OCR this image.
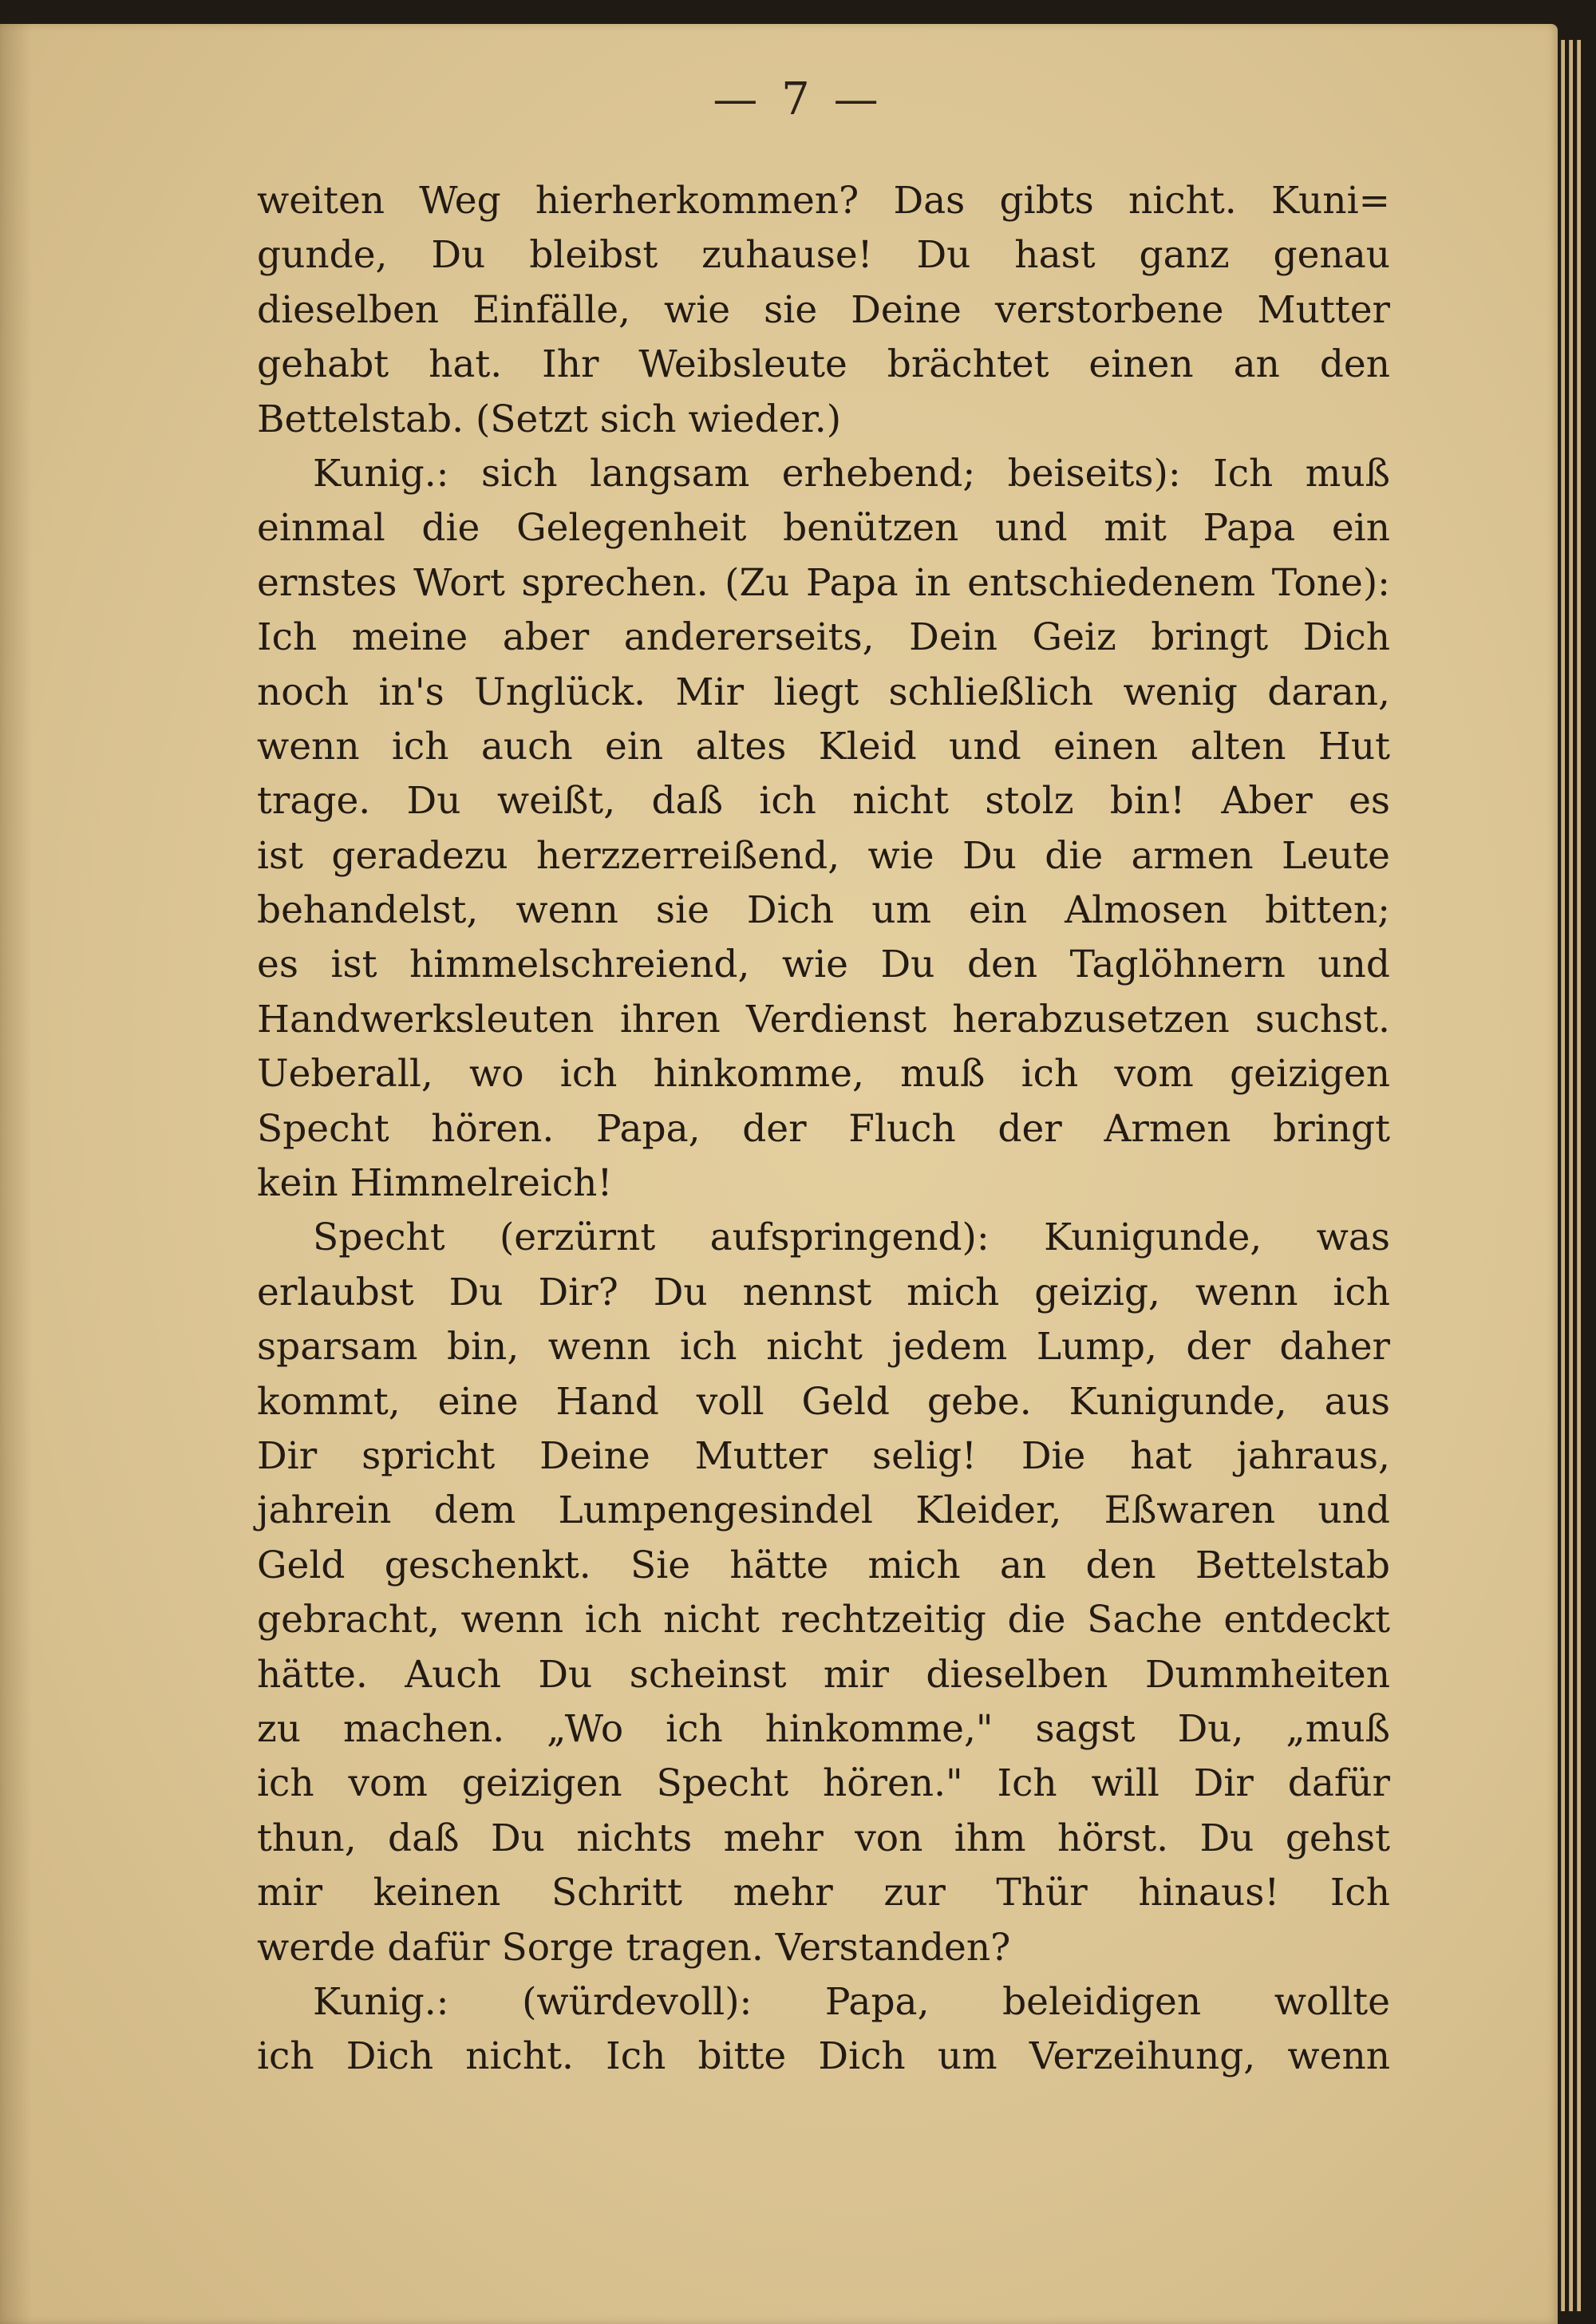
— 7 —
weiten Weg hierherkommen? Das gibts nicht. Kuni=
gunde, Du bleibst zuhause! Du hast ganz genau
dieselben Einfälle, wie sie Deine verstorbene Mutter
gehabt hat. Ihr Weibsleute brächtet einen an den
Bettelstab. (Setzt sich wieder.)
Kunig.: sich langsam erhebend; beiseits): Ich muß
einmal die Gelegenheit benützen und mit Papa ein
ernstes Wort sprechen. (Zu Papa in entschiedenem Tone):
Ich meine aber andererseits, Dein Geiz bringt Dich
noch in's Unglück. Mir liegt schließlich wenig daran,
wenn ich auch ein altes Kleid und einen alten Hut
trage. Du weißt, daß ich nicht stolz bin! Aber es
ist geradezu herzzerreißend, wie Du die armen Leute
behandelst, wenn sie Dich um ein Almosen bitten;
es ist himmelschreiend, wie Du den Taglöhnern und
Handwerksleuten ihren Verdienst herabzusetzen suchst.
Ueberall, wo ich hinkomme, muß ich vom geizigen
Specht hören. Papa, der Fluch der Armen bringt
kein Himmelreich!
Specht (erzürnt aufspringend): Kunigunde, was
erlaubst Du Dir? Du nennst mich geizig, wenn ich
sparsam bin, wenn ich nicht jedem Lump, der daher
kommt, eine Hand voll Geld gebe. Kunigunde, aus
Dir spricht Deine Mutter selig! Die hat jahraus,
jahrein dem Lumpengesindel Kleider, Eßwaren und
Geld geschenkt. Sie hätte mich an den Bettelstab
gebracht, wenn ich nicht rechtzeitig die Sache entdeckt
hätte. Auch Du scheinst mir dieselben Dummheiten
zu machen. „Wo ich hinkomme," sagst Du, „muß
ich vom geizigen Specht hören." Ich will Dir dafür
thun, daß Du nichts mehr von ihm hörst. Du gehst
mir keinen Schritt mehr zur Thür hinaus! Ich
werde dafür Sorge tragen. Verstanden?
Kunig.: (würdevoll): Papa, beleidigen wollte
ich Dich nicht. Ich bitte Dich um Verzeihung, wenn
